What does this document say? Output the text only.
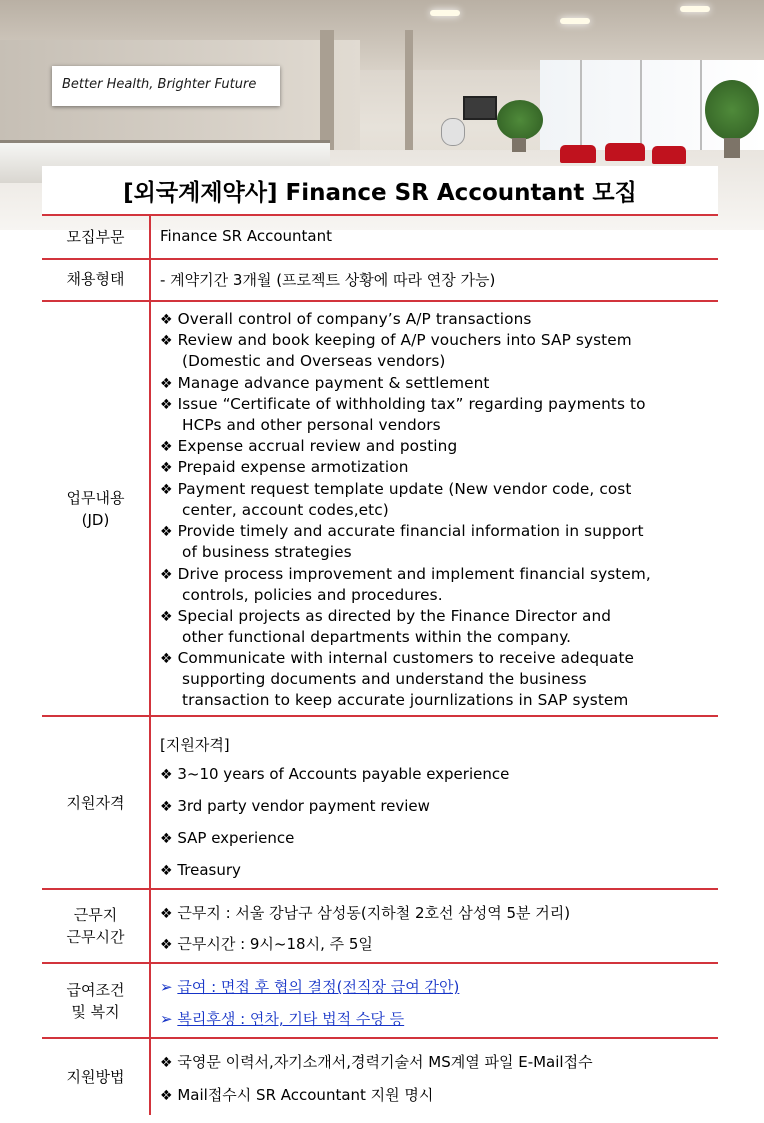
Better Health, Brighter Future
[외국계제약사] Finance SR Accountant 모집
모집부문 Finance SR Accountant
채용형태 - 계약기간 3개월 (프로젝트 상황에 따라 연장 가능)
업무내용
(JD)
❖ Overall control of company’s A/P transactions
❖ Review and book keeping of A/P vouchers into SAP system
(Domestic and Overseas vendors)
❖ Manage advance payment & settlement
❖ Issue “Certificate of withholding tax” regarding payments to
HCPs and other personal vendors
❖ Expense accrual review and posting
❖ Prepaid expense armotization
❖ Payment request template update (New vendor code, cost
center, account codes,etc)
❖ Provide timely and accurate financial information in support
of business strategies
❖ Drive process improvement and implement financial system,
controls, policies and procedures.
❖ Special projects as directed by the Finance Director and
other functional departments within the company.
❖ Communicate with internal customers to receive adequate
supporting documents and understand the business
transaction to keep accurate journlizations in SAP system
지원자격
[지원자격]
❖ 3~10 years of Accounts payable experience
❖ 3rd party vendor payment review
❖ SAP experience
❖ Treasury
근무지
근무시간
❖ 근무지 : 서울 강남구 삼성동(지하철 2호선 삼성역 5분 거리)
❖ 근무시간 : 9시~18시, 주 5일
급여조건
및 복지
➢ 급여 : 면접 후 협의 결정(전직장 급여 감안)
➢ 복리후생 : 연차, 기타 법적 수당 등
지원방법
❖ 국영문 이력서,자기소개서,경력기술서 MS계열 파일 E-Mail접수
❖ Mail접수시 SR Accountant 지원 명시
